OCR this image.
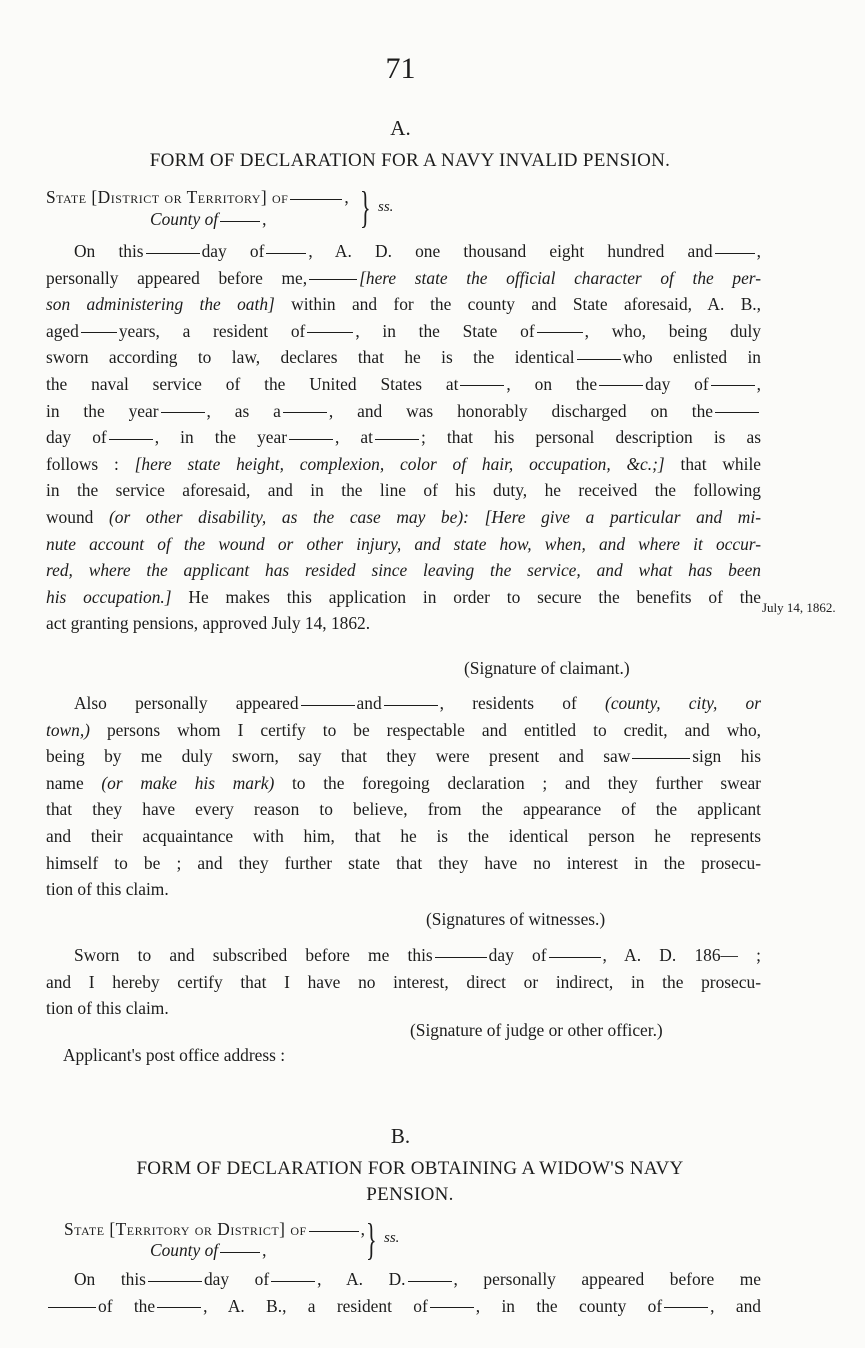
71
A.
FORM OF DECLARATION FOR A NAVY INVALID PENSION.
State [District or Territory] of	,
County of	,	} ss.
On this	day of	, A. D. one thousand eight hundred and	,
personally appeared before me,	[here state the official character of the per-
son administering the oath] within and for the county and State aforesaid, A. B.,
aged years, a resident of	, in the State of	, who, being duly
sworn according to law, declares that he is the identical	who enlisted in
the naval service of the United States at	, on the	day of	,
in the year	, as a	, and was honorably discharged on the
day of	, in the year	, at	; that his personal description is as
follows : [here state height, complexion, color of hair, occupation, &c.;] that while
in the service aforesaid, and in the line of his duty, he received the following
wound (or other disability, as the case may be): [Here give a particular and mi-
nute account of the wound or other injury, and state how, when, and where it occur-
red, where the applicant has resided since leaving the service, and what has been
his occupation.] He makes this application in order to secure the benefits of the
act granting pensions, approved July 14, 1862.
July 14, 1862.
(Signature of claimant.)
Also personally appeared	and	, residents of (county, city, or
town,) persons whom I certify to be respectable and entitled to credit, and who,
being by me duly sworn, say that they were present and saw	sign his
name (or make his mark) to the foregoing declaration ; and they further swear
that they have every reason to believe, from the appearance of the applicant
and their acquaintance with him, that he is the identical person he represents
himself to be ; and they further state that they have no interest in the prosecu-
tion of this claim.
(Signatures of witnesses.)
Sworn to and subscribed before me this	day of	, A. D. 186— ;
and I hereby certify that I have no interest, direct or indirect, in the prosecu-
tion of this claim.
(Signature of judge or other officer.)
Applicant's post office address :
B.
FORM OF DECLARATION FOR OBTAINING A WIDOW'S NAVY
PENSION.
State [Territory or District] of	,
County of	,	} ss.
On this	day of	, A. D.	, personally appeared before me
of the	, A. B., a resident of	, in the county of	, and
